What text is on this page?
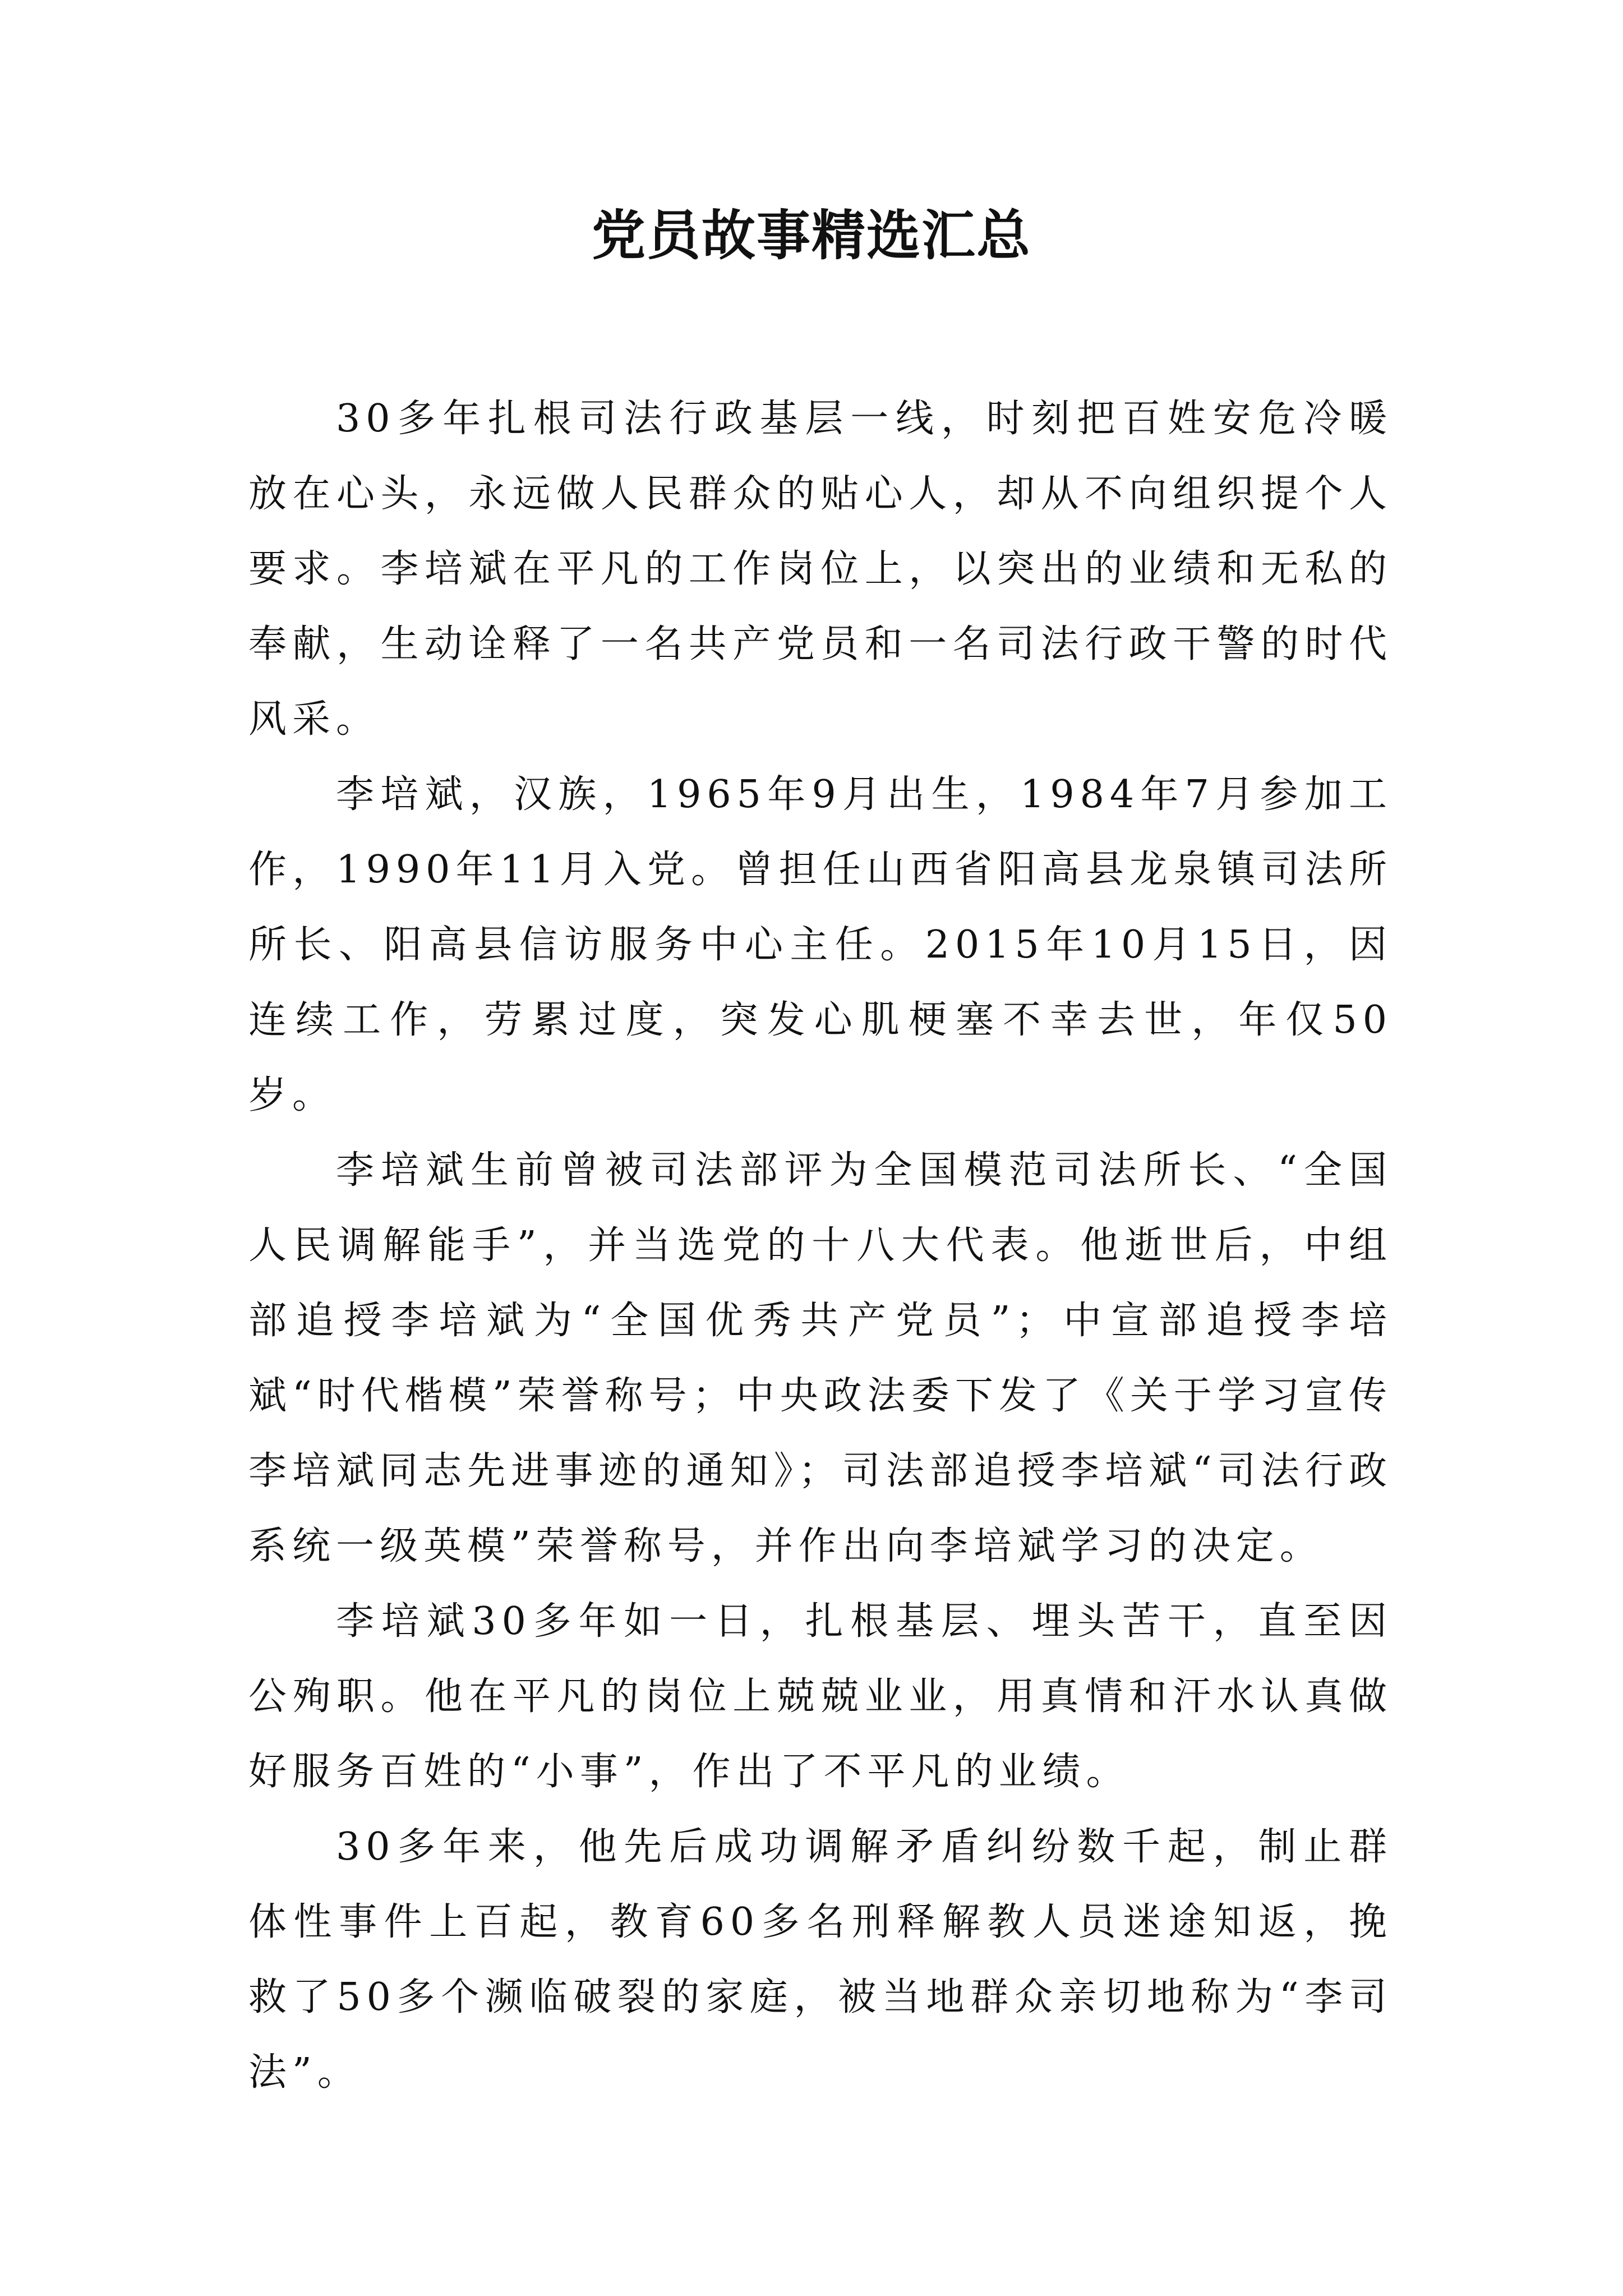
党员故事精选汇总

30多年扎根司法行政基层一线，时刻把百姓安危冷暖放在心头，永远做人民群众的贴心人，却从不向组织提个人要求。李培斌在平凡的工作岗位上，以突出的业绩和无私的奉献，生动诠释了一名共产党员和一名司法行政干警的时代风采。

李培斌，汉族，1965年9月出生，1984年7月参加工作，1990年11月入党。曾担任山西省阳高县龙泉镇司法所所长、阳高县信访服务中心主任。2015年10月15日，因连续工作，劳累过度，突发心肌梗塞不幸去世，年仅50岁。

李培斌生前曾被司法部评为全国模范司法所长、“全国人民调解能手”，并当选党的十八大代表。他逝世后，中组部追授李培斌为“全国优秀共产党员”；中宣部追授李培斌“时代楷模”荣誉称号；中央政法委下发了《关于学习宣传李培斌同志先进事迹的通知》；司法部追授李培斌“司法行政系统一级英模”荣誉称号，并作出向李培斌学习的决定。

李培斌30多年如一日，扎根基层、埋头苦干，直至因公殉职。他在平凡的岗位上兢兢业业，用真情和汗水认真做好服务百姓的“小事”，作出了不平凡的业绩。

30多年来，他先后成功调解矛盾纠纷数千起，制止群体性事件上百起，教育60多名刑释解教人员迷途知返，挽救了50多个濒临破裂的家庭，被当地群众亲切地称为“李司法”。
